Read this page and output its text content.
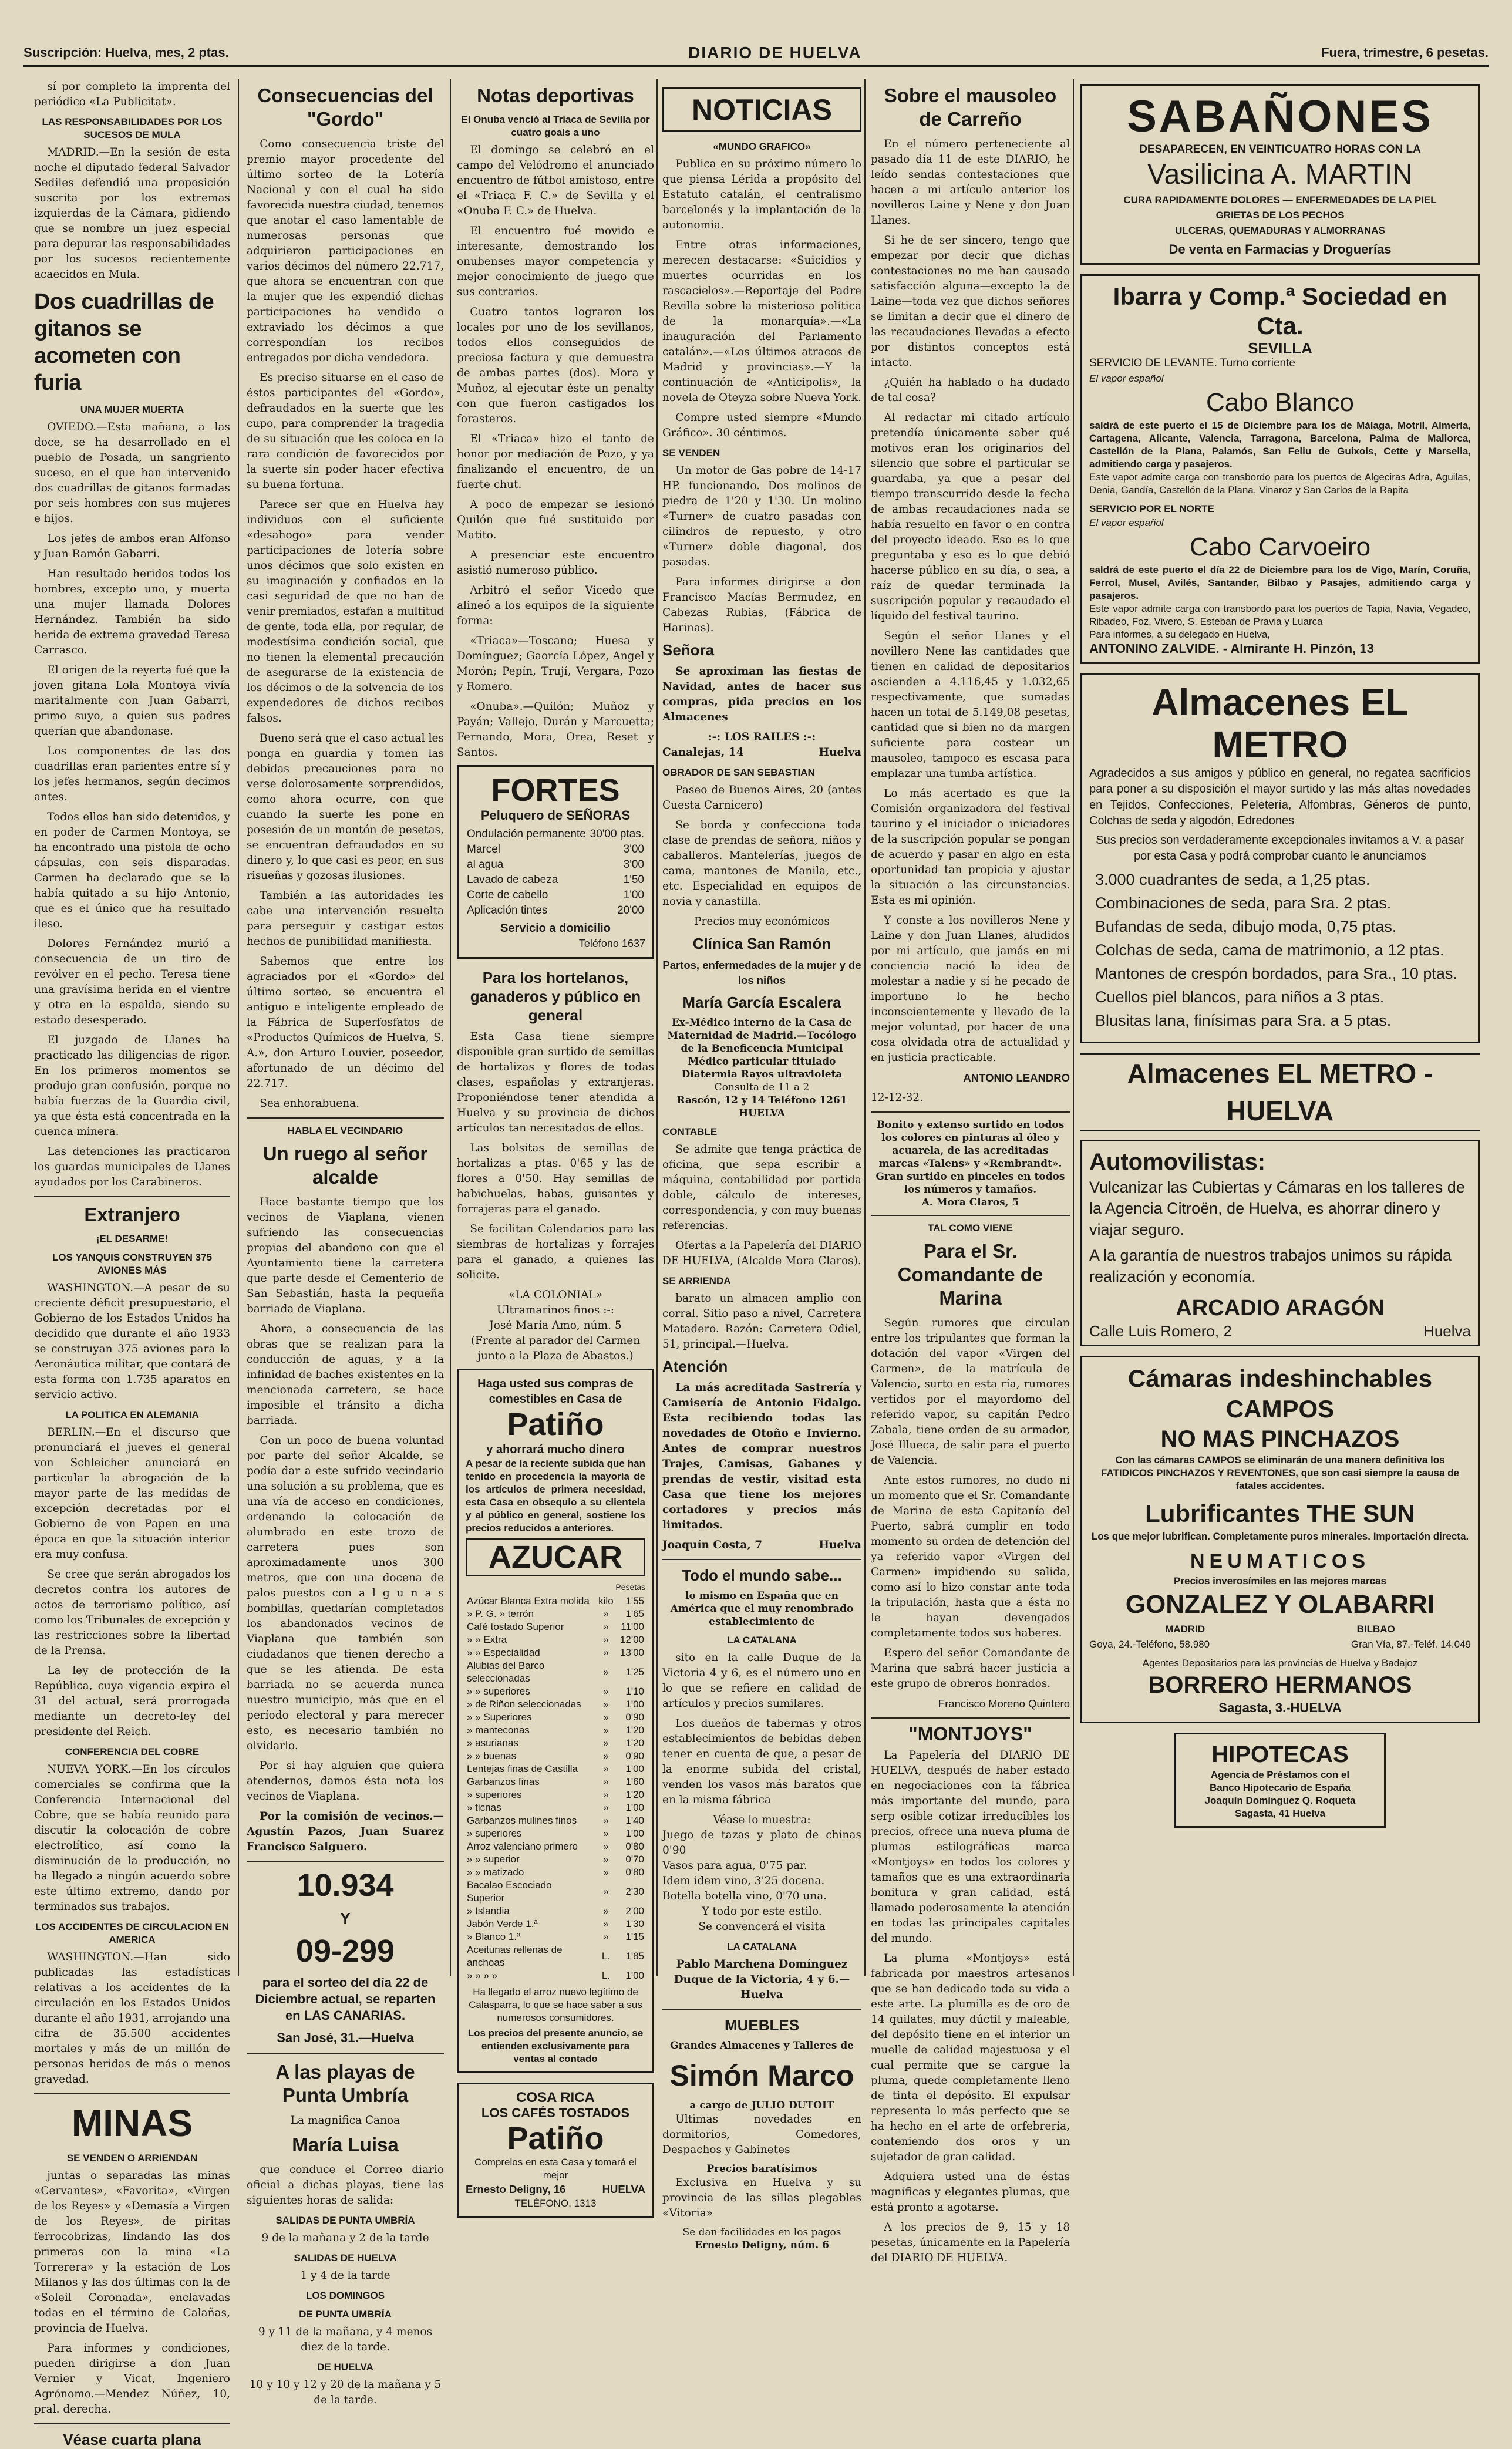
Suscripción: Huelva, mes, 2 ptas.	DIARIO DE HUELVA	Fuera, trimestre, 6 pesetas.

sí por completo la imprenta del periódico «La Publicitat».

LAS RESPONSABILIDADES POR LOS SUCESOS DE MULA

MADRID.—En la sesión de esta noche el diputado federal Salvador Sediles defendió una proposición suscrita por los extremas izquierdas de la Cámara, pidiendo que se nombre un juez especial para depurar las responsabilidades por los sucesos recientemente acaecidos en Mula.

Dos cuadrillas de gitanos se acometen con furia
UNA MUJER MUERTA

OVIEDO.—Esta mañana, a las doce, se ha desarrollado en el pueblo de Posada, un sangriento suceso, en el que han intervenido dos cuadrillas de gitanos formadas por seis hombres con sus mujeres e hijos.

Los jefes de ambos eran Alfonso y Juan Ramón Gabarri.

Han resultado heridos todos los hombres, excepto uno, y muerta una mujer llamada Dolores Hernández. También ha sido herida de extrema gravedad Teresa Carrasco.

El origen de la reyerta fué que la joven gitana Lola Montoya vivía maritalmente con Juan Gabarri, primo suyo, a quien sus padres querían que abandonase.

Los componentes de las dos cuadrillas eran parientes entre sí y los jefes hermanos, según decimos antes.

Todos ellos han sido detenidos, y en poder de Carmen Montoya, se ha encontrado una pistola de ocho cápsulas, con seis disparadas. Carmen ha declarado que se la había quitado a su hijo Antonio, que es el único que ha resultado ileso.

Dolores Fernández murió a consecuencia de un tiro de revólver en el pecho. Teresa tiene una gravísima herida en el vientre y otra en la espalda, siendo su estado desesperado.

El juzgado de Llanes ha practicado las diligencias de rigor. En los primeros momentos se produjo gran confusión, porque no había fuerzas de la Guardia civil, ya que ésta está concentrada en la cuenca minera.

Las detenciones las practicaron los guardas municipales de Llanes ayudados por los Carabineros.

Extranjero
¡EL DESARME!
LOS YANQUIS CONSTRUYEN 375 AVIONES MÁS

WASHINGTON.—A pesar de su creciente déficit presupuestario, el Gobierno de los Estados Unidos ha decidido que durante el año 1933 se construyan 375 aviones para la Aeronáutica militar, que contará de esta forma con 1.735 aparatos en servicio activo.

LA POLITICA EN ALEMANIA

BERLIN.—En el discurso que pronunciará el jueves el general von Schleicher anunciará en particular la abrogación de la mayor parte de las medidas de excepción decretadas por el Gobierno de von Papen en una época en que la situación interior era muy confusa.

Se cree que serán abrogados los decretos contra los autores de actos de terrorismo político, así como los Tribunales de excepción y las restricciones sobre la libertad de la Prensa.

La ley de protección de la República, cuya vigencia expira el 31 del actual, será prorrogada mediante un decreto-ley del presidente del Reich.

CONFERENCIA DEL COBRE

NUEVA YORK.—En los círculos comerciales se confirma que la Conferencia Internacional del Cobre, que se había reunido para discutir la colocación de cobre electrolítico, así como la disminución de la producción, no ha llegado a ningún acuerdo sobre este último extremo, dando por terminados sus trabajos.

LOS ACCIDENTES DE CIRCULACION EN AMERICA

WASHINGTON.—Han sido publicadas las estadísticas relativas a los accidentes de la circulación en los Estados Unidos durante el año 1931, arrojando una cifra de 35.500 accidentes mortales y más de un millón de personas heridas de más o menos gravedad.

MINAS
SE VENDEN O ARRIENDAN

juntas o separadas las minas «Cervantes», «Favorita», «Virgen de los Reyes» y «Demasía a Virgen de los Reyes», de piritas ferrocobrizas, lindando las dos primeras con la mina «La Torrerera» y la estación de Los Milanos y las dos últimas con la de «Soleil Coronada», enclavadas todas en el término de Calañas, provincia de Huelva.

Para informes y condiciones, pueden dirigirse a don Juan Vernier y Vicat, Ingeniero Agrónomo.—Mendez Núñez, 10, pral. derecha.

Véase cuarta plana
Consecuencias del "Gordo"

Como consecuencia triste del premio mayor procedente del último sorteo de la Lotería Nacional y con el cual ha sido favorecida nuestra ciudad, tenemos que anotar el caso lamentable de numerosas personas que adquirieron participaciones en varios décimos del número 22.717, que ahora se encuentran con que la mujer que les expendió dichas participaciones ha vendido o extraviado los décimos a que correspondían los recibos entregados por dicha vendedora.

Es preciso situarse en el caso de éstos participantes del «Gordo», defraudados en la suerte que les cupo, para comprender la tragedia de su situación que les coloca en la rara condición de favorecidos por la suerte sin poder hacer efectiva su buena fortuna.

Parece ser que en Huelva hay individuos con el suficiente «desahogo» para vender participaciones de lotería sobre unos décimos que solo existen en su imaginación y confiados en la casi seguridad de que no han de venir premiados, estafan a multitud de gente, toda ella, por regular, de modestísima condición social, que no tienen la elemental precaución de asegurarse de la existencia de los décimos o de la solvencia de los expendedores de dichos recibos falsos.

Bueno será que el caso actual les ponga en guardia y tomen las debidas precauciones para no verse dolorosamente sorprendidos, como ahora ocurre, con que cuando la suerte les pone en posesión de un montón de pesetas, se encuentran defraudados en su dinero y, lo que casi es peor, en sus risueñas y gozosas ilusiones.

También a las autoridades les cabe una intervención resuelta para perseguir y castigar estos hechos de punibilidad manifiesta.

Sabemos que entre los agraciados por el «Gordo» del último sorteo, se encuentra el antiguo e inteligente empleado de la Fábrica de Superfosfatos de «Productos Químicos de Huelva, S. A.», don Arturo Louvier, poseedor, afortunado de un décimo del 22.717.

Sea enhorabuena.

HABLA EL VECINDARIO
Un ruego al señor alcalde

Hace bastante tiempo que los vecinos de Viaplana, vienen sufriendo las consecuencias propias del abandono con que el Ayuntamiento tiene la carretera que parte desde el Cementerio de San Sebastián, hasta la pequeña barriada de Viaplana.

Ahora, a consecuencia de las obras que se realizan para la conducción de aguas, y a la infinidad de baches existentes en la mencionada carretera, se hace imposible el tránsito a dicha barriada.

Con un poco de buena voluntad por parte del señor Alcalde, se podía dar a este sufrido vecindario una solución a su problema, que es una vía de acceso en condiciones, ordenando la colocación de alumbrado en este trozo de carretera pues son aproximadamente unos 300 metros, que con una docena de palos puestos con a l g u n a s bombillas, quedarían completados los abandonados vecinos de Viaplana que también son ciudadanos que tienen derecho a que se les atienda. De esta barriada no se acuerda nunca nuestro municipio, más que en el período electoral y para merecer esto, es necesario también no olvidarlo.

Por si hay alguien que quiera atendernos, damos ésta nota los vecinos de Viaplana.

Por la comisión de vecinos.—Agustín Pazos, Juan Suarez Francisco Salguero.

10.934
Y
09-299
para el sorteo del día 22 de Diciembre actual, se reparten en LAS CANARIAS.
San José, 31.—Huelva
A las playas de Punta Umbría
La magnifica Canoa
María Luisa

que conduce el Correo diario oficial a dichas playas, tiene las siguientes horas de salida:

SALIDAS DE PUNTA UMBRÍA
9 de la mañana y 2 de la tarde
SALIDAS DE HUELVA
1 y 4 de la tarde
LOS DOMINGOS
DE PUNTA UMBRÍA
9 y 11 de la mañana, y 4 menos diez de la tarde.
DE HUELVA
10 y 10 y 12 y 20 de la mañana y 5 de la tarde.
Notas deportivas
El Onuba venció al Triaca de Sevilla por cuatro goals a uno

El domingo se celebró en el campo del Velódromo el anunciado encuentro de fútbol amistoso, entre el «Triaca F. C.» de Sevilla y el «Onuba F. C.» de Huelva.

El encuentro fué movido e interesante, demostrando los onubenses mayor competencia y mejor conocimiento de juego que sus contrarios.

Cuatro tantos lograron los locales por uno de los sevillanos, todos ellos conseguidos de preciosa factura y que demuestra de ambas partes (dos). Mora y Muñoz, al ejecutar éste un penalty con que fueron castigados los forasteros.

El «Triaca» hizo el tanto de honor por mediación de Pozo, y ya finalizando el encuentro, de un fuerte chut.

A poco de empezar se lesionó Quilón que fué sustituido por Matito.

A presenciar este encuentro asistió numeroso público.

Arbitró el señor Vicedo que alineó a los equipos de la siguiente forma:

«Triaca»—Toscano; Huesa y Domínguez; Gaorcía López, Angel y Morón; Pepín, Trují, Vergara, Pozo y Romero.

«Onuba».—Quilón; Muñoz y Payán; Vallejo, Durán y Marcuetta; Fernando, Mora, Orea, Reset y Santos.

FORTES
Peluquero de SEÑORAS
Ondulación permanente	30'00 ptas.
Marcel	3'00
al agua	3'00
Lavado de cabeza	1'50
Corte de cabello	1'00
Aplicación tintes	20'00
Servicio a domicilio
Teléfono 1637
Para los hortelanos, ganaderos y público en general

Esta Casa tiene siempre disponible gran surtido de semillas de hortalizas y flores de todas clases, españolas y extranjeras. Proponiéndose tener atendida a Huelva y su provincia de dichos artículos tan necesitados de ellos.

Las bolsitas de semillas de hortalizas a ptas. 0'65 y las de flores a 0'50. Hay semillas de habichuelas, habas, guisantes y forrajeras para el ganado.

Se facilitan Calendarios para las siembras de hortalizas y forrajes para el ganado, a quienes las solicite.

«LA COLONIAL»
Ultramarinos finos :-:
José María Amo, núm. 5
(Frente al parador del Carmen junto a la Plaza de Abastos.)
Haga usted sus compras de comestibles en Casa de
Patiño
y ahorrará mucho dinero
A pesar de la reciente subida que han tenido en procedencia la mayoría de los artículos de primera necesidad, esta Casa en obsequio a su clientela y al público en general, sostiene los precios reducidos a anteriores.
AZUCAR
Pesetas
Azúcar Blanca Extra molida	kilo	1'55
» P. G. » terrón	»	1'65
Café tostado Superior	»	11'00
» » Extra	»	12'00
» » Especialidad	»	13'00
Alubias del Barco seleccionadas	»	1'25
» » superiores	»	1'10
» de Riñon seleccionadas	»	1'00
» » Superiores	»	0'90
» manteconas	»	1'20
» asurianas	»	1'20
» » buenas	»	0'90
Lentejas finas de Castilla	»	1'00
Garbanzos finas	»	1'60
» superiores	»	1'20
» ticnas	»	1'00
Garbanzos mulines finos	»	1'40
» superiores	»	1'00
Arroz valenciano primero	»	0'80
» » superior	»	0'70
» » matizado	»	0'80
Bacalao Escociado Superior	»	2'30
» Islandia	»	2'00
Jabón Verde 1.ª	»	1'30
» Blanco 1.ª	»	1'15
Aceitunas rellenas de anchoas	L.	1'85
» » » »	L.	1'00
Ha llegado el arroz nuevo legítimo de Calasparra, lo que se hace saber a sus numerosos consumidores.
Los precios del presente anuncio, se entienden exclusivamente para ventas al contado
COSA RICA
LOS CAFÉS TOSTADOS
Patiño
Comprelos en esta Casa y tomará el mejor
Ernesto Deligny, 16	HUELVA
TELÉFONO, 1313
NOTICIAS
«MUNDO GRAFICO»

Publica en su próximo número lo que piensa Lérida a propósito del Estatuto catalán, el centralismo barcelonés y la implantación de la autonomía.

Entre otras informaciones, merecen destacarse: «Suicidios y muertes ocurridas en los rascacielos».—Reportaje del Padre Revilla sobre la misteriosa política de la monarquía».—«La inauguración del Parlamento catalán».—«Los últimos atracos de Madrid y provincias».—Y la continuación de «Anticipolis», la novela de Oteyza sobre Nueva York.

Compre usted siempre «Mundo Gráfico». 30 céntimos.

SE VENDEN

Un motor de Gas pobre de 14-17 HP. funcionando. Dos molinos de piedra de 1'20 y 1'30. Un molino «Turner» de cuatro pasadas con cilindros de repuesto, y otro «Turner» doble diagonal, dos pasadas.

Para informes dirigirse a don Francisco Macías Bermudez, en Cabezas Rubias, (Fábrica de Harinas).

Señora

Se aproximan las fiestas de Navidad, antes de hacer sus compras, pida precios en los Almacenes

:-: LOS RAILES :-:
Canalejas, 14	Huelva
OBRADOR DE SAN SEBASTIAN

Paseo de Buenos Aires, 20 (antes Cuesta Carnicero)

Se borda y confecciona toda clase de prendas de señora, niños y caballeros. Mantelerías, juegos de cama, mantones de Manila, etc., etc. Especialidad en equipos de novia y canastilla.

Precios muy económicos
Clínica San Ramón
Partos, enfermedades de la mujer y de los niños
María García Escalera
Ex-Médico interno de la Casa de Maternidad de Madrid.—Tocólogo de la Beneficencia Municipal
Médico particular titulado
Diatermia Rayos ultravioleta
Consulta de 11 a 2
Rascón, 12 y 14 Teléfono 1261
HUELVA
CONTABLE

Se admite que tenga práctica de oficina, que sepa escribir a máquina, contabilidad por partida doble, cálculo de intereses, correspondencia, y con muy buenas referencias.

Ofertas a la Papelería del DIARIO DE HUELVA, (Alcalde Mora Claros).

SE ARRIENDA

barato un almacen amplio con corral. Sitio paso a nivel, Carretera Matadero. Razón: Carretera Odiel, 51, principal.—Huelva.

Atención

La más acreditada Sastrería y Camisería de Antonio Fidalgo. Esta recibiendo todas las novedades de Otoño e Invierno. Antes de comprar nuestros Trajes, Camisas, Gabanes y prendas de vestir, visitad esta Casa que tiene los mejores cortadores y precios más limitados.

Joaquín Costa, 7	Huelva
Todo el mundo sabe...
lo mismo en España que en América que el muy renombrado establecimiento de
LA CATALANA

sito en la calle Duque de la Victoria 4 y 6, es el número uno en lo que se refiere en calidad de artículos y precios sumilares.

Los dueños de tabernas y otros establecimientos de bebidas deben tener en cuenta de que, a pesar de la enorme subida del cristal, venden los vasos más baratos que en la misma fábrica

Véase lo muestra:
Juego de tazas y plato de chinas 0'90
Vasos para agua, 0'75 par.
Idem idem vino, 3'25 docena.
Botella botella vino, 0'70 una.
Y todo por este estilo.
Se convencerá el visita
LA CATALANA
Pablo Marchena Domínguez
Duque de la Victoria, 4 y 6.—Huelva
MUEBLES
Grandes Almacenes y Talleres de
Simón Marco
a cargo de JULIO DUTOIT

Ultimas novedades en dormitorios, Comedores, Despachos y Gabinetes

Precios baratísimos

Exclusiva en Huelva y su provincia de las sillas plegables «Vitoria»

Se dan facilidades en los pagos
Ernesto Deligny, núm. 6
Sobre el mausoleo de Carreño

En el número perteneciente al pasado día 11 de este DIARIO, he leído sendas contestaciones que hacen a mi artículo anterior los novilleros Laine y Nene y don Juan Llanes.

Si he de ser sincero, tengo que empezar por decir que dichas contestaciones no me han causado satisfacción alguna—excepto la de Laine—toda vez que dichos señores se limitan a decir que el dinero de las recaudaciones llevadas a efecto por distintos conceptos está intacto.

¿Quién ha hablado o ha dudado de tal cosa?

Al redactar mi citado artículo pretendía únicamente saber qué motivos eran los originarios del silencio que sobre el particular se guardaba, ya que a pesar del tiempo transcurrido desde la fecha de ambas recaudaciones nada se había resuelto en favor o en contra del proyecto ideado. Eso es lo que preguntaba y eso es lo que debió hacerse público en su día, o sea, a raíz de quedar terminada la suscripción popular y recaudado el líquido del festival taurino.

Según el señor Llanes y el novillero Nene las cantidades que tienen en calidad de depositarios ascienden a 4.116,45 y 1.032,65 respectivamente, que sumadas hacen un total de 5.149,08 pesetas, cantidad que si bien no da margen suficiente para costear un mausoleo, tampoco es escasa para emplazar una tumba artística.

Lo más acertado es que la Comisión organizadora del festival taurino y el iniciador o iniciadores de la suscripción popular se pongan de acuerdo y pasar en algo en esta oportunidad tan propicia y ajustar la situación a las circunstancias. Esta es mi opinión.

Y conste a los novilleros Nene y Laine y don Juan Llanes, aludidos por mi artículo, que jamás en mi conciencia nació la idea de molestar a nadie y sí he pecado de importuno lo he hecho inconscientemente y llevado de la mejor voluntad, por hacer de una cosa olvidada otra de actualidad y en justicia practicable.

ANTONIO LEANDRO
12-12-32.
Bonito y extenso surtido en todos los colores en pinturas al óleo y acuarela, de las acreditadas marcas «Talens» y «Rembrandt».
Gran surtido en pinceles en todos los números y tamaños.
A. Mora Claros, 5
TAL COMO VIENE
Para el Sr. Comandante de Marina

Según rumores que circulan entre los tripulantes que forman la dotación del vapor «Virgen del Carmen», de la matrícula de Valencia, surto en esta ría, rumores vertidos por el mayordomo del referido vapor, su capitán Pedro Zabala, tiene orden de su armador, José Illueca, de salir para el puerto de Valencia.

Ante estos rumores, no dudo ni un momento que el Sr. Comandante de Marina de esta Capitanía del Puerto, sabrá cumplir en todo momento su orden de detención del ya referido vapor «Virgen del Carmen» impidiendo su salida, como así lo hizo constar ante toda la tripulación, hasta que a ésta no le hayan devengados completamente todos sus haberes.

Espero del señor Comandante de Marina que sabrá hacer justicia a este grupo de obreros honrados.

Francisco Moreno Quintero
"MONTJOYS"

La Papelería del DIARIO DE HUELVA, después de haber estado en negociaciones con la fábrica más importante del mundo, para serp osible cotizar irreducibles los precios, ofrece una nueva pluma de plumas estilográficas marca «Montjoys» en todos los colores y tamaños que es una extraordinaria bonitura y gran calidad, está llamado poderosamente la atención en todas las principales capitales del mundo.

La pluma «Montjoys» está fabricada por maestros artesanos que se han dedicado toda su vida a este arte. La plumilla es de oro de 14 quilates, muy dúctil y maleable, del depósito tiene en el interior un muelle de calidad majestuosa y el cual permite que se cargue la pluma, quede completamente lleno de tinta el depósito. El expulsar representa lo más perfecto que se ha hecho en el arte de orfebrería, conteniendo dos oros y un sujetador de gran calidad.

Adquiera usted una de éstas magníficas y elegantes plumas, que está pronto a agotarse.

A los precios de 9, 15 y 18 pesetas, únicamente en la Papelería del DIARIO DE HUELVA.

SABAÑONES
DESAPARECEN, EN VEINTICUATRO HORAS CON LA
Vasilicina A. MARTIN
CURA RAPIDAMENTE DOLORES — ENFERMEDADES DE LA PIEL
GRIETAS DE LOS PECHOS
ULCERAS, QUEMADURAS Y ALMORRANAS
De venta en Farmacias y Droguerías
Ibarra y Comp.ª Sociedad en Cta.
SEVILLA
SERVICIO DE LEVANTE. Turno corriente
El vapor español
Cabo Blanco
saldrá de este puerto el 15 de Diciembre para los de Málaga, Motril, Almería, Cartagena, Alicante, Valencia, Tarragona, Barcelona, Palma de Mallorca, Castellón de la Plana, Palamós, San Feliu de Guixols, Cette y Marsella, admitiendo carga y pasajeros.
Este vapor admite carga con transbordo para los puertos de Algeciras Adra, Aguilas, Denia, Gandía, Castellón de la Plana, Vinaroz y San Carlos de la Rapita
SERVICIO POR EL NORTE
El vapor español
Cabo Carvoeiro
saldrá de este puerto el día 22 de Diciembre para los de Vigo, Marín, Coruña, Ferrol, Musel, Avilés, Santander, Bilbao y Pasajes, admitiendo carga y pasajeros.
Este vapor admite carga con transbordo para los puertos de Tapia, Navia, Vegadeo, Ribadeo, Foz, Vivero, S. Esteban de Pravia y Luarca
Para informes, a su delegado en Huelva,
ANTONINO ZALVIDE. - Almirante H. Pinzón, 13
Almacenes EL METRO
Agradecidos a sus amigos y público en general, no regatea sacrificios para poner a su disposición el mayor surtido y las más altas novedades en Tejidos, Confecciones, Peletería, Alfombras, Géneros de punto, Colchas de seda y algodón, Edredones
Sus precios son verdaderamente excepcionales invitamos a V. a pasar por esta Casa y podrá comprobar cuanto le anunciamos
3.000 cuadrantes de seda, a 1,25 ptas.
Combinaciones de seda, para Sra. 2 ptas.
Bufandas de seda, dibujo moda, 0,75 ptas.
Colchas de seda, cama de matrimonio, a 12 ptas.
Mantones de crespón bordados, para Sra., 10 ptas.
Cuellos piel blancos, para niños a 3 ptas.
Blusitas lana, finísimas para Sra. a 5 ptas.
Almacenes EL METRO - HUELVA
Automovilistas:
Vulcanizar las Cubiertas y Cámaras en los talleres de la Agencia Citroën, de Huelva, es ahorrar dinero y viajar seguro.
A la garantía de nuestros trabajos unimos su rápida realización y economía.
ARCADIO ARAGÓN
Calle Luis Romero, 2	Huelva
Cámaras indeshinchables CAMPOS
NO MAS PINCHAZOS
Con las cámaras CAMPOS se eliminarán de una manera definitiva los FATIDICOS PINCHAZOS Y REVENTONES, que son casi siempre la causa de fatales accidentes.
Lubrificantes THE SUN
Los que mejor lubrifican. Completamente puros minerales. Importación directa.
NEUMATICOS
Precios inverosímiles en las mejores marcas
GONZALEZ Y OLABARRI
MADRID	BILBAO
Goya, 24.-Teléfono, 58.980	Gran Vía, 87.-Teléf. 14.049
Agentes Depositarios para las provincias de Huelva y Badajoz
BORRERO HERMANOS
Sagasta, 3.-HUELVA
HIPOTECAS
Agencia de Préstamos con el
Banco Hipotecario de España
Joaquín Domínguez Q. Roqueta
Sagasta, 41 Huelva
